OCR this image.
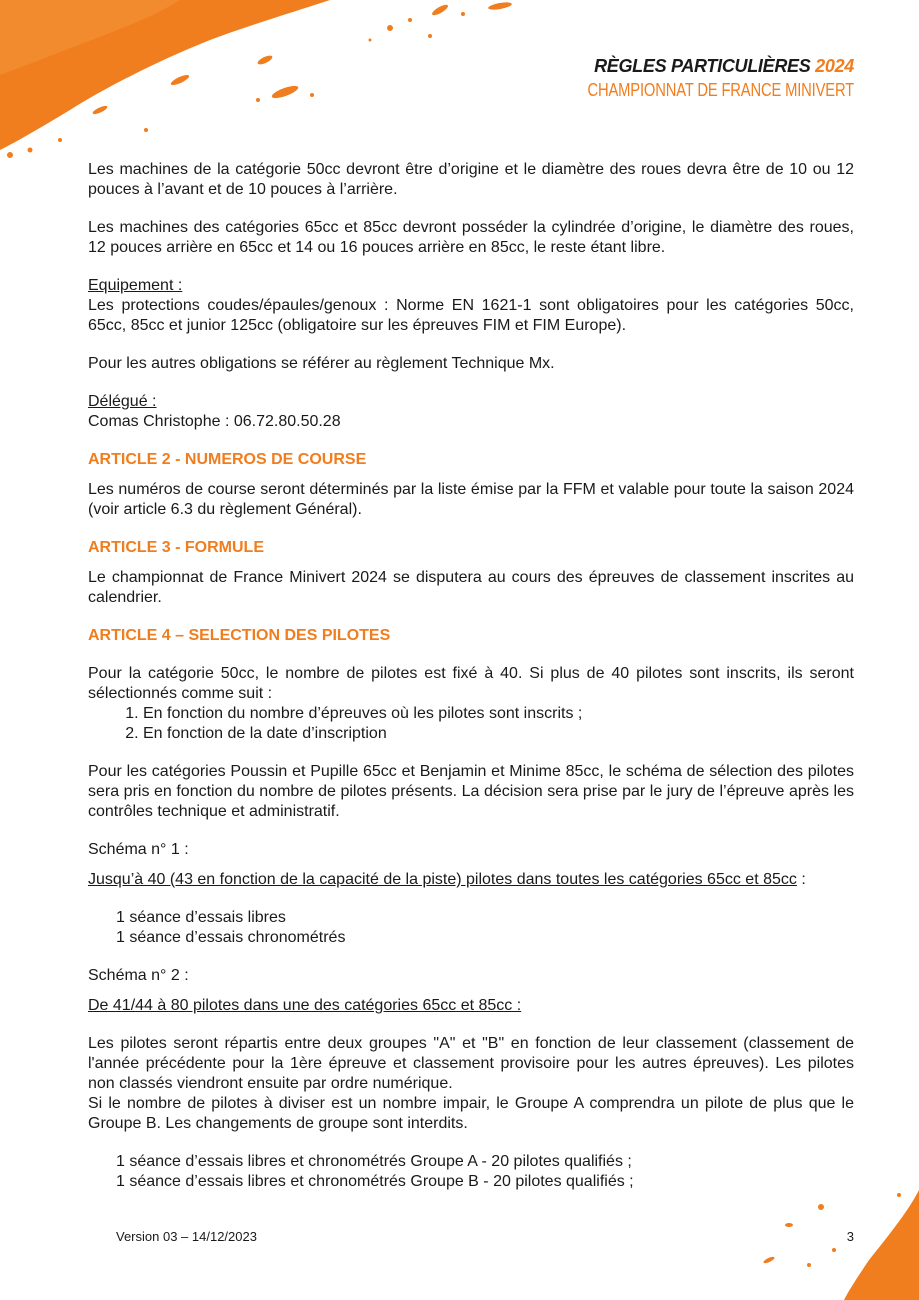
RÈGLES PARTICULIÈRES 2024
CHAMPIONNAT DE FRANCE MINIVERT

Les machines de la catégorie 50cc devront être d’origine et le diamètre des roues devra être de 10 ou 12 pouces à l’avant et de 10 pouces à l’arrière.

Les machines des catégories 65cc et 85cc devront posséder la cylindrée d’origine, le diamètre des roues, 12 pouces arrière en 65cc et 14 ou 16 pouces arrière en 85cc, le reste étant libre.

Equipement :

Les protections coudes/épaules/genoux : Norme EN 1621-1 sont obligatoires pour les catégories 50cc, 65cc, 85cc et junior 125cc (obligatoire sur les épreuves FIM et FIM Europe).

Pour les autres obligations se référer au règlement Technique Mx.

Délégué :

Comas Christophe : 06.72.80.50.28

ARTICLE 2 - NUMEROS DE COURSE

Les numéros de course seront déterminés par la liste émise par la FFM et valable pour toute la saison 2024 (voir article 6.3 du règlement Général).

ARTICLE 3 - FORMULE

Le championnat de France Minivert 2024 se disputera au cours des épreuves de classement inscrites au calendrier.

ARTICLE 4 – SELECTION DES PILOTES

Pour la catégorie 50cc, le nombre de pilotes est fixé à 40. Si plus de 40 pilotes sont inscrits, ils seront sélectionnés comme suit :

1. En fonction du nombre d’épreuves où les pilotes sont inscrits ;
2. En fonction de la date d’inscription

Pour les catégories Poussin et Pupille 65cc et Benjamin et Minime 85cc, le schéma de sélection des pilotes sera pris en fonction du nombre de pilotes présents. La décision sera prise par le jury de l’épreuve après les contrôles technique et administratif.

Schéma n° 1 :

Jusqu’à 40 (43 en fonction de la capacité de la piste) pilotes dans toutes les catégories 65cc et 85cc :

1 séance d’essais libres

1 séance d’essais chronométrés

Schéma n° 2 :

De 41/44 à 80 pilotes dans une des catégories 65cc et 85cc :

Les pilotes seront répartis entre deux groupes "A" et "B" en fonction de leur classement (classement de l'année précédente pour la 1ère épreuve et classement provisoire pour les autres épreuves). Les pilotes non classés viendront ensuite par ordre numérique.

Si le nombre de pilotes à diviser est un nombre impair, le Groupe A comprendra un pilote de plus que le Groupe B. Les changements de groupe sont interdits.

1 séance d’essais libres et chronométrés Groupe A - 20 pilotes qualifiés ;

1 séance d’essais libres et chronométrés Groupe B - 20 pilotes qualifiés ;

Version 03 – 14/12/2023	3
